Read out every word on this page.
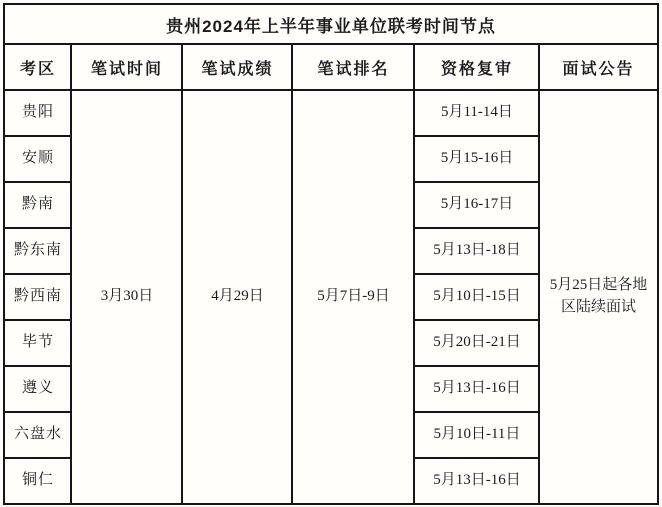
贵州2024年上半年事业单位联考时间节点					
考区	笔试时间	笔试成绩	笔试排名	资格复审	面试公告
贵阳	3月30日	4月29日	5月7日-9日	5月11-14日	5月25日起各地区陆续面试
安顺				5月15-16日	
黔南				5月16-17日	
黔东南				5月13日-18日	
黔西南				5月10日-15日	
毕节				5月20日-21日	
遵义				5月13日-16日	
六盘水				5月10日-11日	
铜仁				5月13日-16日	
